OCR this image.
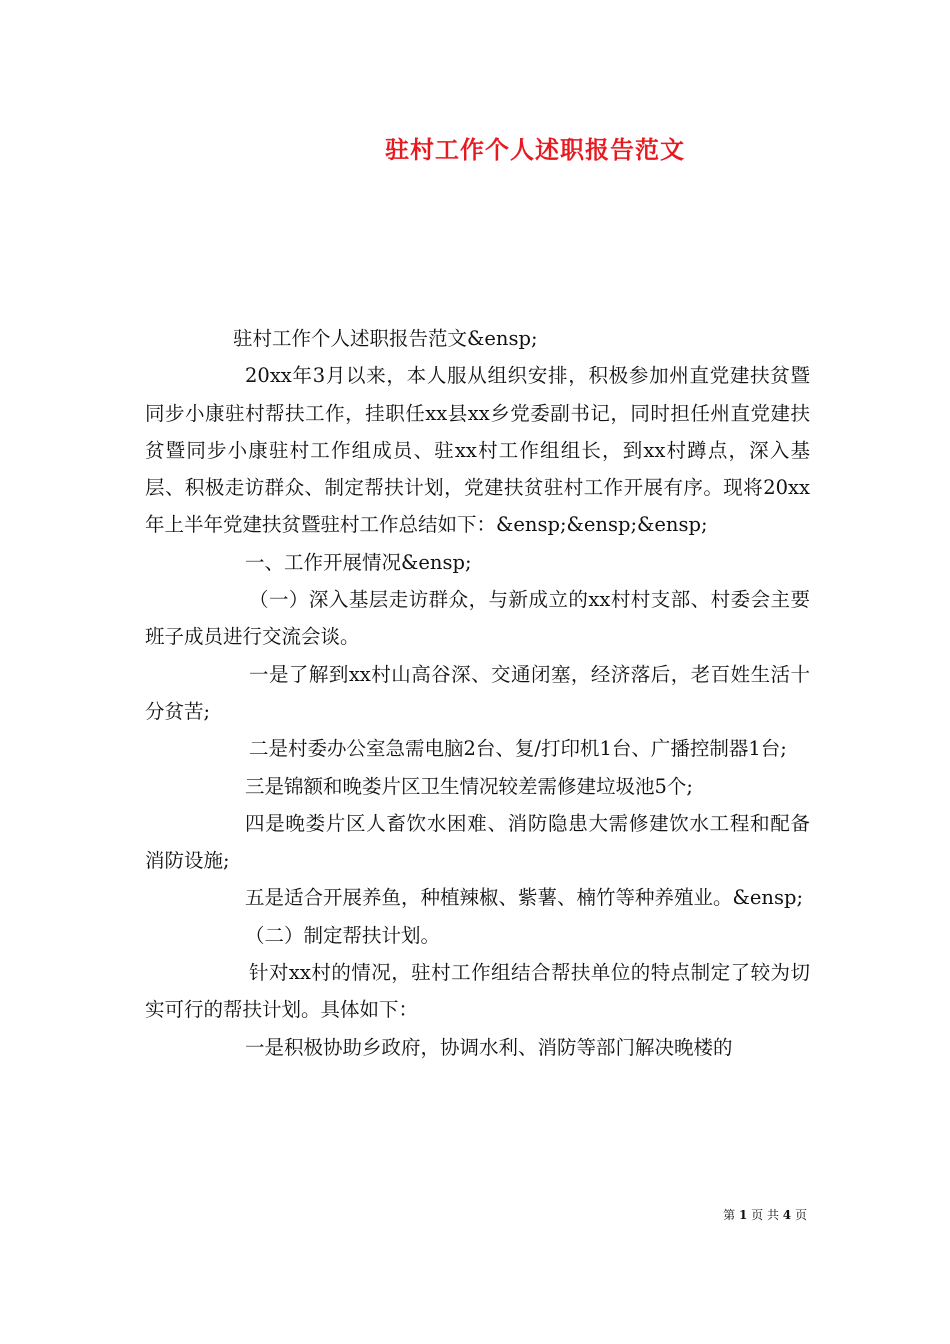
驻村工作个人述职报告范文

驻村工作个人述职报告范文&ensp;

20xx年3月以来，本人服从组织安排，积极参加州直党建扶贫暨同步小康驻村帮扶工作，挂职任xx县xx乡党委副书记，同时担任州直党建扶贫暨同步小康驻村工作组成员、驻xx村工作组组长，到xx村蹲点，深入基层、积极走访群众、制定帮扶计划，党建扶贫驻村工作开展有序。现将20xx年上半年党建扶贫暨驻村工作总结如下：&ensp;&ensp;&ensp;

一、工作开展情况&ensp;

（一）深入基层走访群众，与新成立的xx村村支部、村委会主要班子成员进行交流会谈。

一是了解到xx村山高谷深、交通闭塞，经济落后，老百姓生活十分贫苦;

二是村委办公室急需电脑2台、复/打印机1台、广播控制器1台;

三是锦额和晚娄片区卫生情况较差需修建垃圾池5个;

四是晚娄片区人畜饮水困难、消防隐患大需修建饮水工程和配备消防设施;

五是适合开展养鱼，种植辣椒、紫薯、楠竹等种养殖业。&ensp;

（二）制定帮扶计划。

针对xx村的情况，驻村工作组结合帮扶单位的特点制定了较为切实可行的帮扶计划。具体如下：

一是积极协助乡政府，协调水利、消防等部门解决晚楼的

第 1 页 共 4 页
